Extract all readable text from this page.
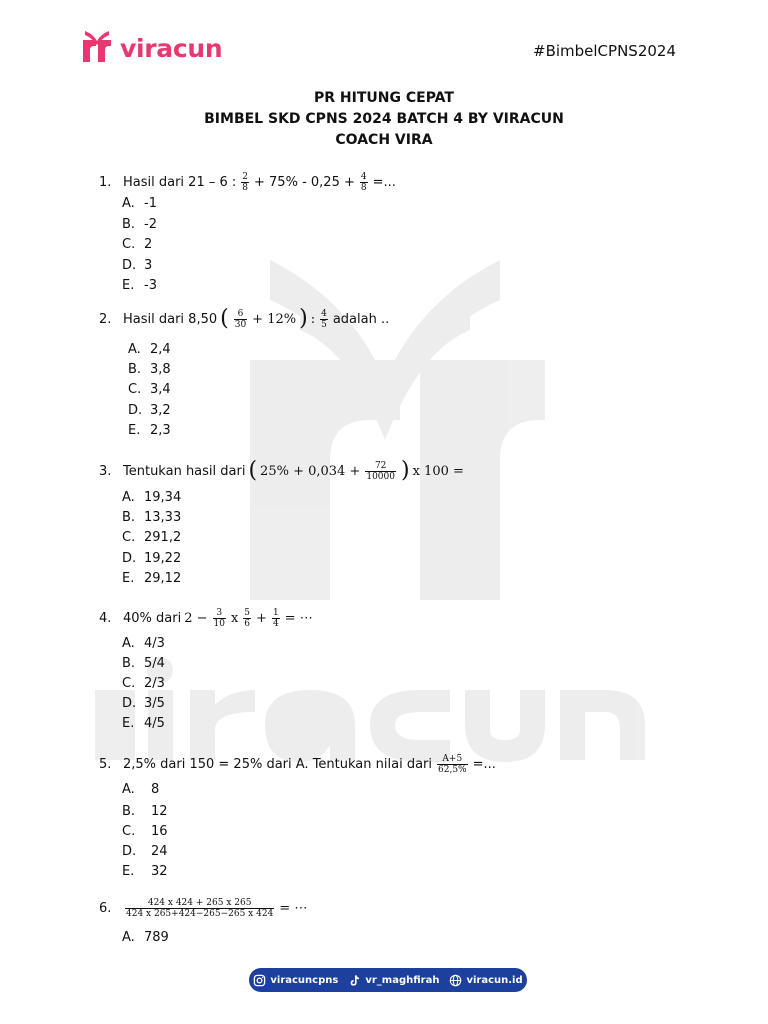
viracun	#BimbelCPNS2024
PR HITUNG CEPAT
BIMBEL SKD CPNS 2024 BATCH 4 BY VIRACUN
COACH VIRA
1. Hasil dari 21 – 6 : $\frac{2}{8} + 75\% - 0,25 + \frac{4}{8}$ =...
A. -1
B. -2
C. 2
D. 3
E. -3
2. Hasil dari 8,50 ( $\frac{6}{30} + 12\%$ ) : $\frac{4}{5}$ adalah ..
A. 2,4
B. 3,8
C. 3,4
D. 3,2
E. 2,3
3. Tentukan hasil dari ( $25\% + 0,034 + \frac{72}{10000}$ ) x 100 =
A. 19,34
B. 13,33
C. 291,2
D. 19,22
E. 29,12
4. 40% dari $2 - \frac{3}{10}$ x $\frac{5}{6} + \frac{1}{4}$ = ⋯
A. 4/3
B. 5/4
C. 2/3
D. 3/5
E. 4/5
5. 2,5% dari 150 = 25% dari A. Tentukan nilai dari $\frac{A+5}{62,5\%}$ =...
A.	8
B.	12
C.	16
D.	24
E.	32
6.	$\frac{424 x 424 + 265 x 265}{424 x 265+424-265-265 x 424}$ = ⋯
A. 789
viracuncpns	vr_maghfirah	viracun.id
